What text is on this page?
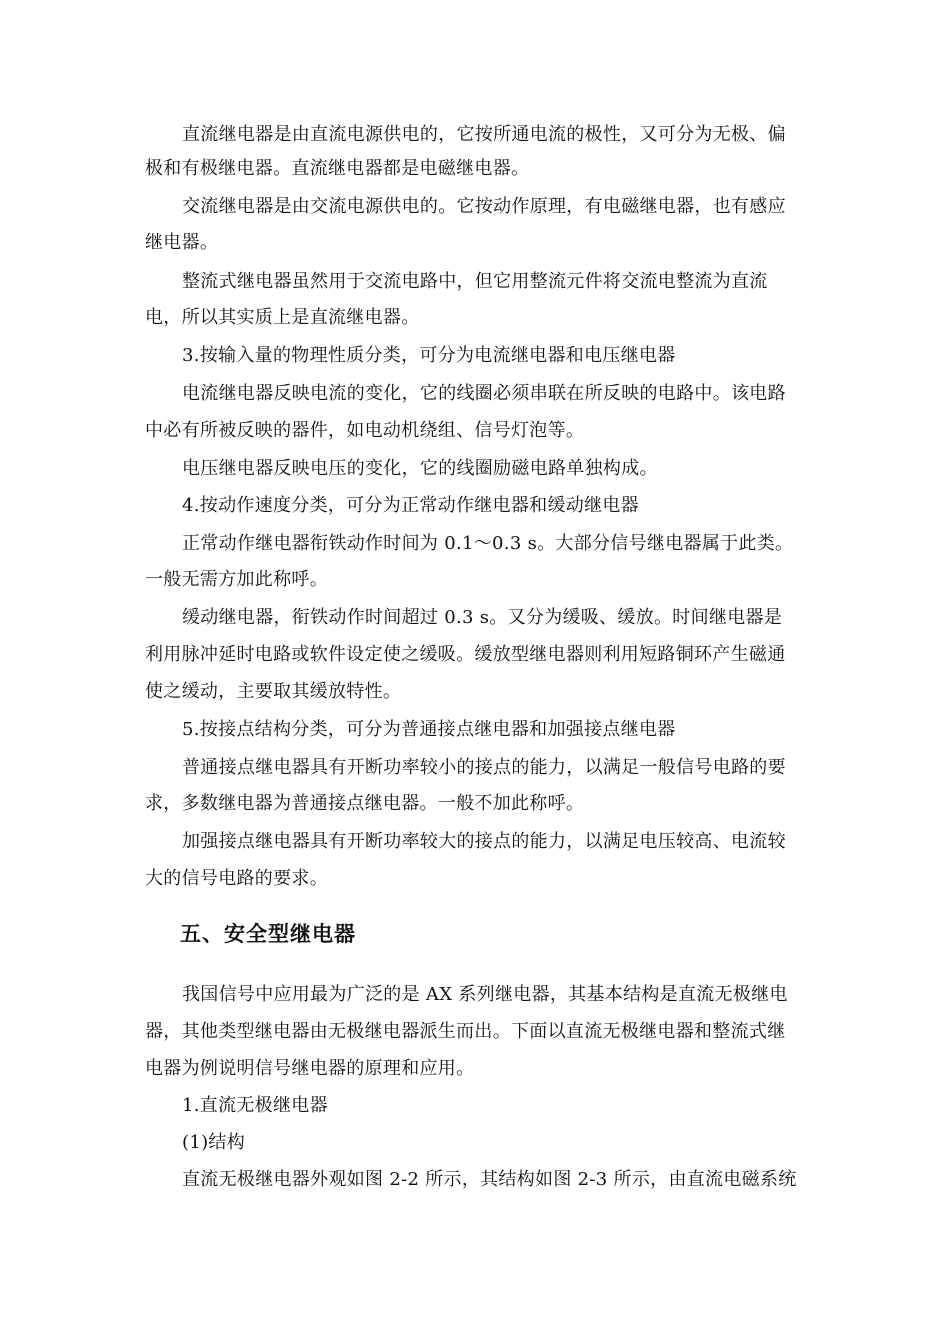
直流继电器是由直流电源供电的，它按所通电流的极性，又可分为无极、偏
极和有极继电器。直流继电器都是电磁继电器。
交流继电器是由交流电源供电的。它按动作原理，有电磁继电器，也有感应
继电器。
整流式继电器虽然用于交流电路中，但它用整流元件将交流电整流为直流
电，所以其实质上是直流继电器。
3.按输入量的物理性质分类，可分为电流继电器和电压继电器
电流继电器反映电流的变化，它的线圈必须串联在所反映的电路中。该电路
中必有所被反映的器件，如电动机绕组、信号灯泡等。
电压继电器反映电压的变化，它的线圈励磁电路单独构成。
4.按动作速度分类，可分为正常动作继电器和缓动继电器
正常动作继电器衔铁动作时间为 0.1～0.3 s。大部分信号继电器属于此类。
一般无需方加此称呼。
缓动继电器，衔铁动作时间超过 0.3 s。又分为缓吸、缓放。时间继电器是
利用脉冲延时电路或软件设定使之缓吸。缓放型继电器则利用短路铜环产生磁通
使之缓动，主要取其缓放特性。
5.按接点结构分类，可分为普通接点继电器和加强接点继电器
普通接点继电器具有开断功率较小的接点的能力，以满足一般信号电路的要
求，多数继电器为普通接点继电器。一般不加此称呼。
加强接点继电器具有开断功率较大的接点的能力，以满足电压较高、电流较
大的信号电路的要求。
五、安全型继电器
我国信号中应用最为广泛的是 AX 系列继电器，其基本结构是直流无极继电
器，其他类型继电器由无极继电器派生而出。下面以直流无极继电器和整流式继
电器为例说明信号继电器的原理和应用。
1.直流无极继电器
(1)结构
直流无极继电器外观如图 2-2 所示，其结构如图 2-3 所示，由直流电磁系统
